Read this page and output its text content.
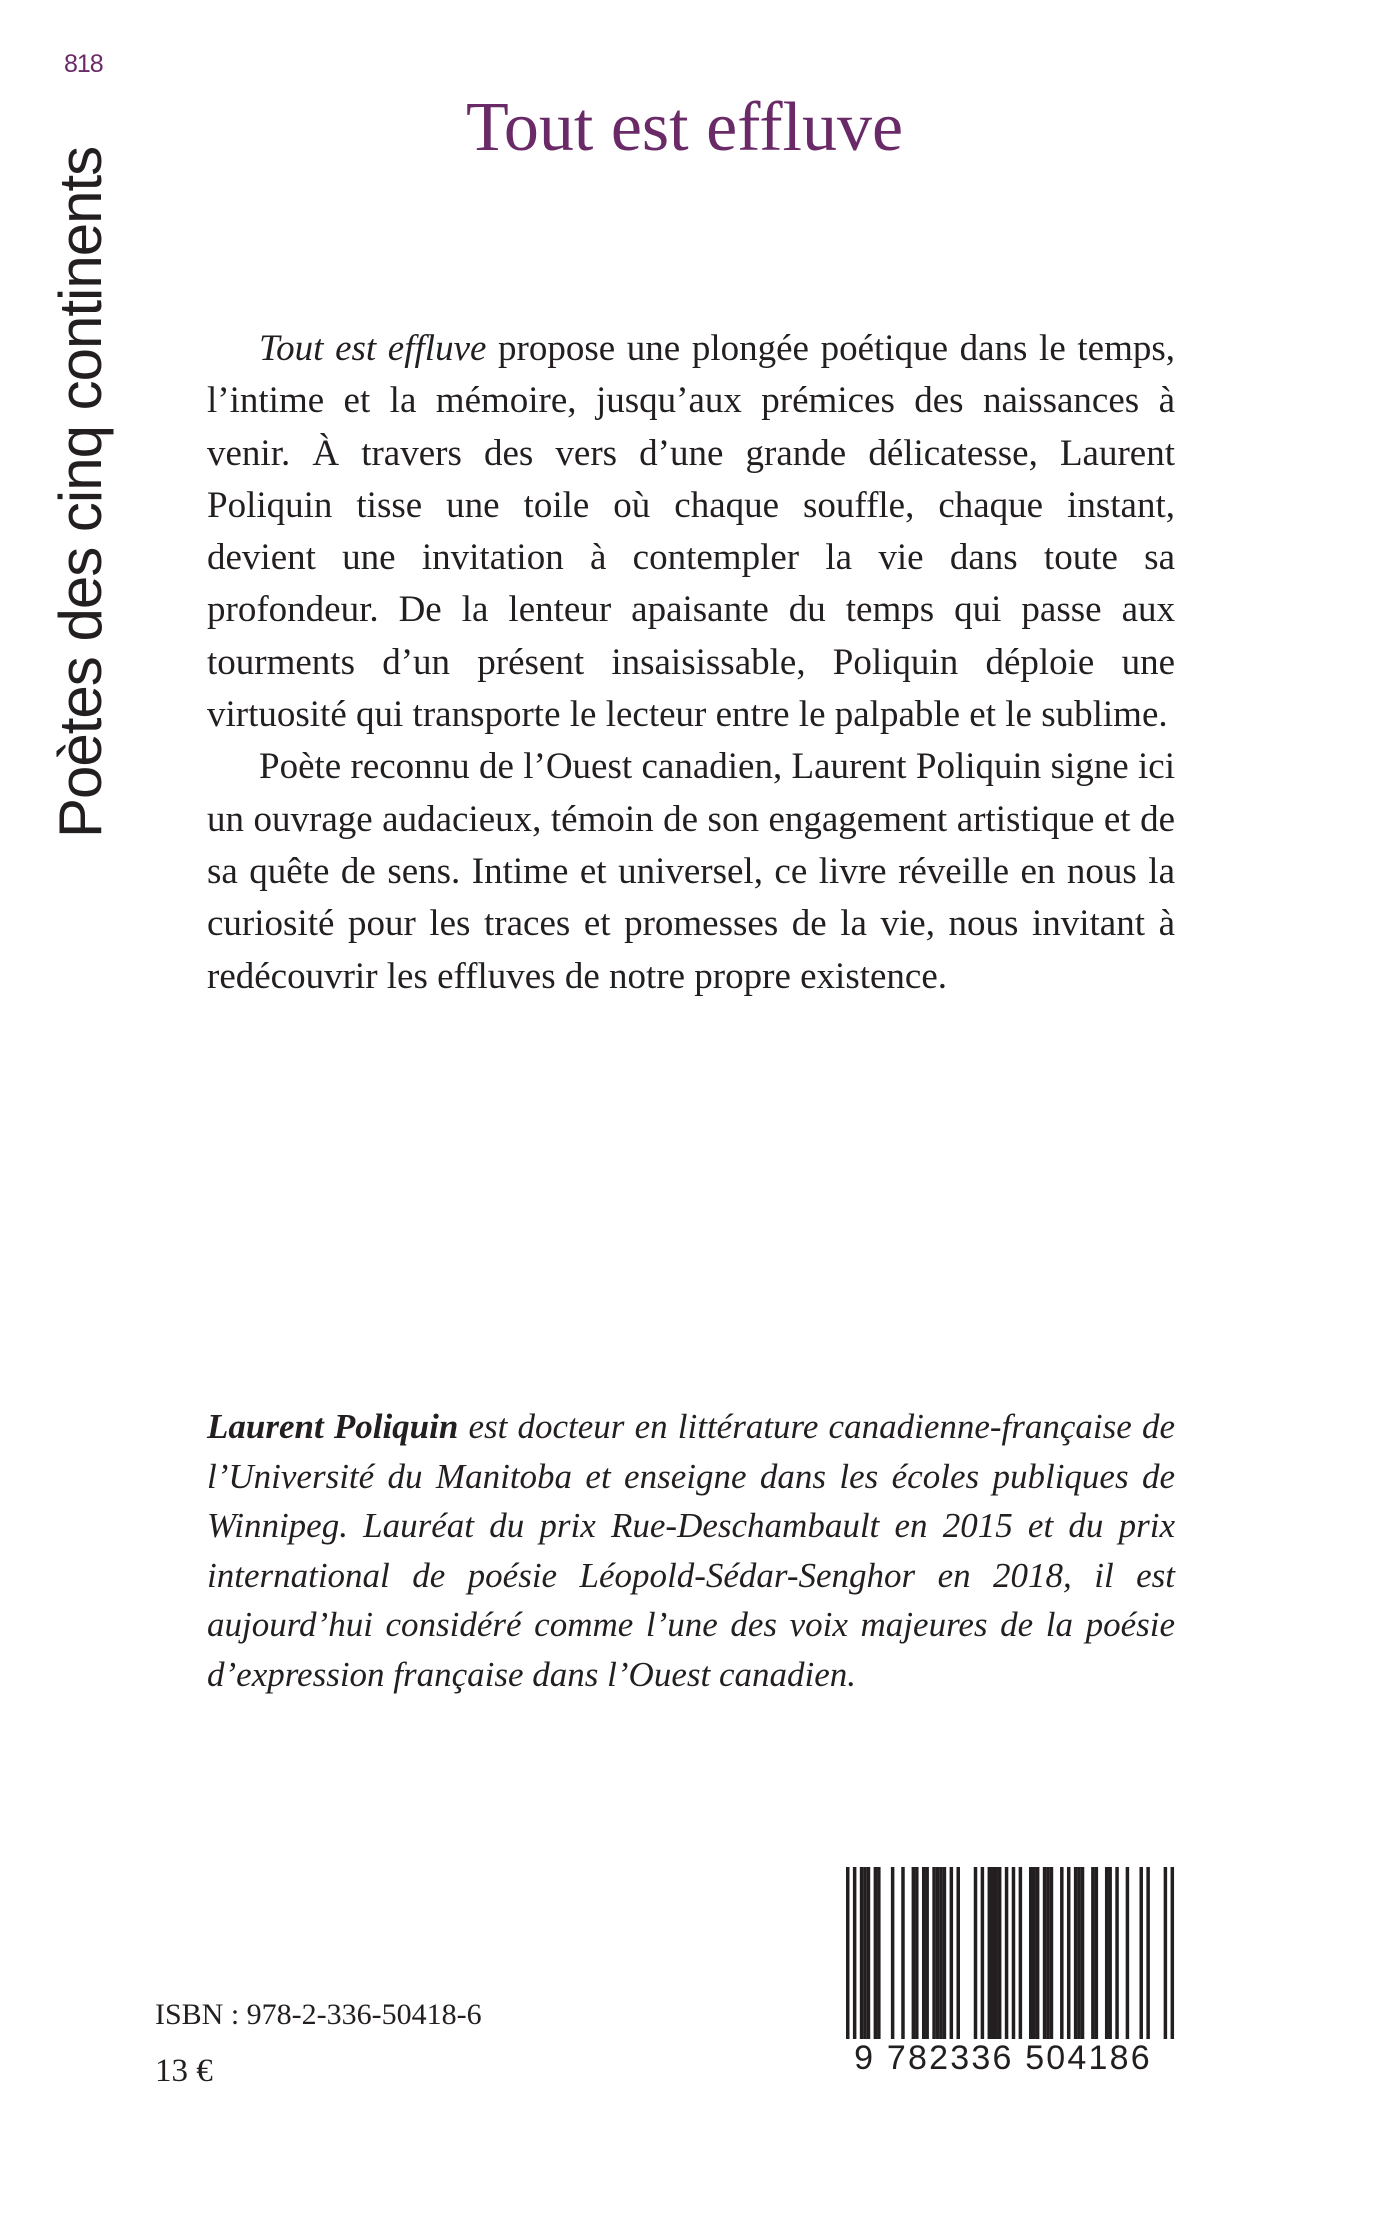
818
Poètes des cinq continents
Tout est effluve

Tout est effluve propose une plongée poétique dans le temps, l’intime et la mémoire, jusqu’aux prémices des naissances à venir. À travers des vers d’une grande délicatesse, Laurent Poliquin tisse une toile où chaque souffle, chaque instant, devient une invitation à contempler la vie dans toute sa profondeur. De la lenteur apaisante du temps qui passe aux tourments d’un présent insaisissable, Poliquin déploie une virtuosité qui transporte le lecteur entre le palpable et le sublime.

Poète reconnu de l’Ouest canadien, Laurent Poliquin signe ici un ouvrage audacieux, témoin de son engagement artistique et de sa quête de sens. Intime et universel, ce livre réveille en nous la curiosité pour les traces et promesses de la vie, nous invitant à redécouvrir les effluves de notre propre existence.

Laurent Poliquin est docteur en littérature canadienne-française de l’Université du Manitoba et enseigne dans les écoles publiques de Winnipeg. Lauréat du prix Rue-Deschambault en 2015 et du prix international de poésie Léopold-Sédar-Senghor en 2018, il est aujourd’hui considéré comme l’une des voix majeures de la poésie d’expression française dans l’Ouest canadien.
ISBN : 978-2-336-50418-6
13 €	9 782336 504186
